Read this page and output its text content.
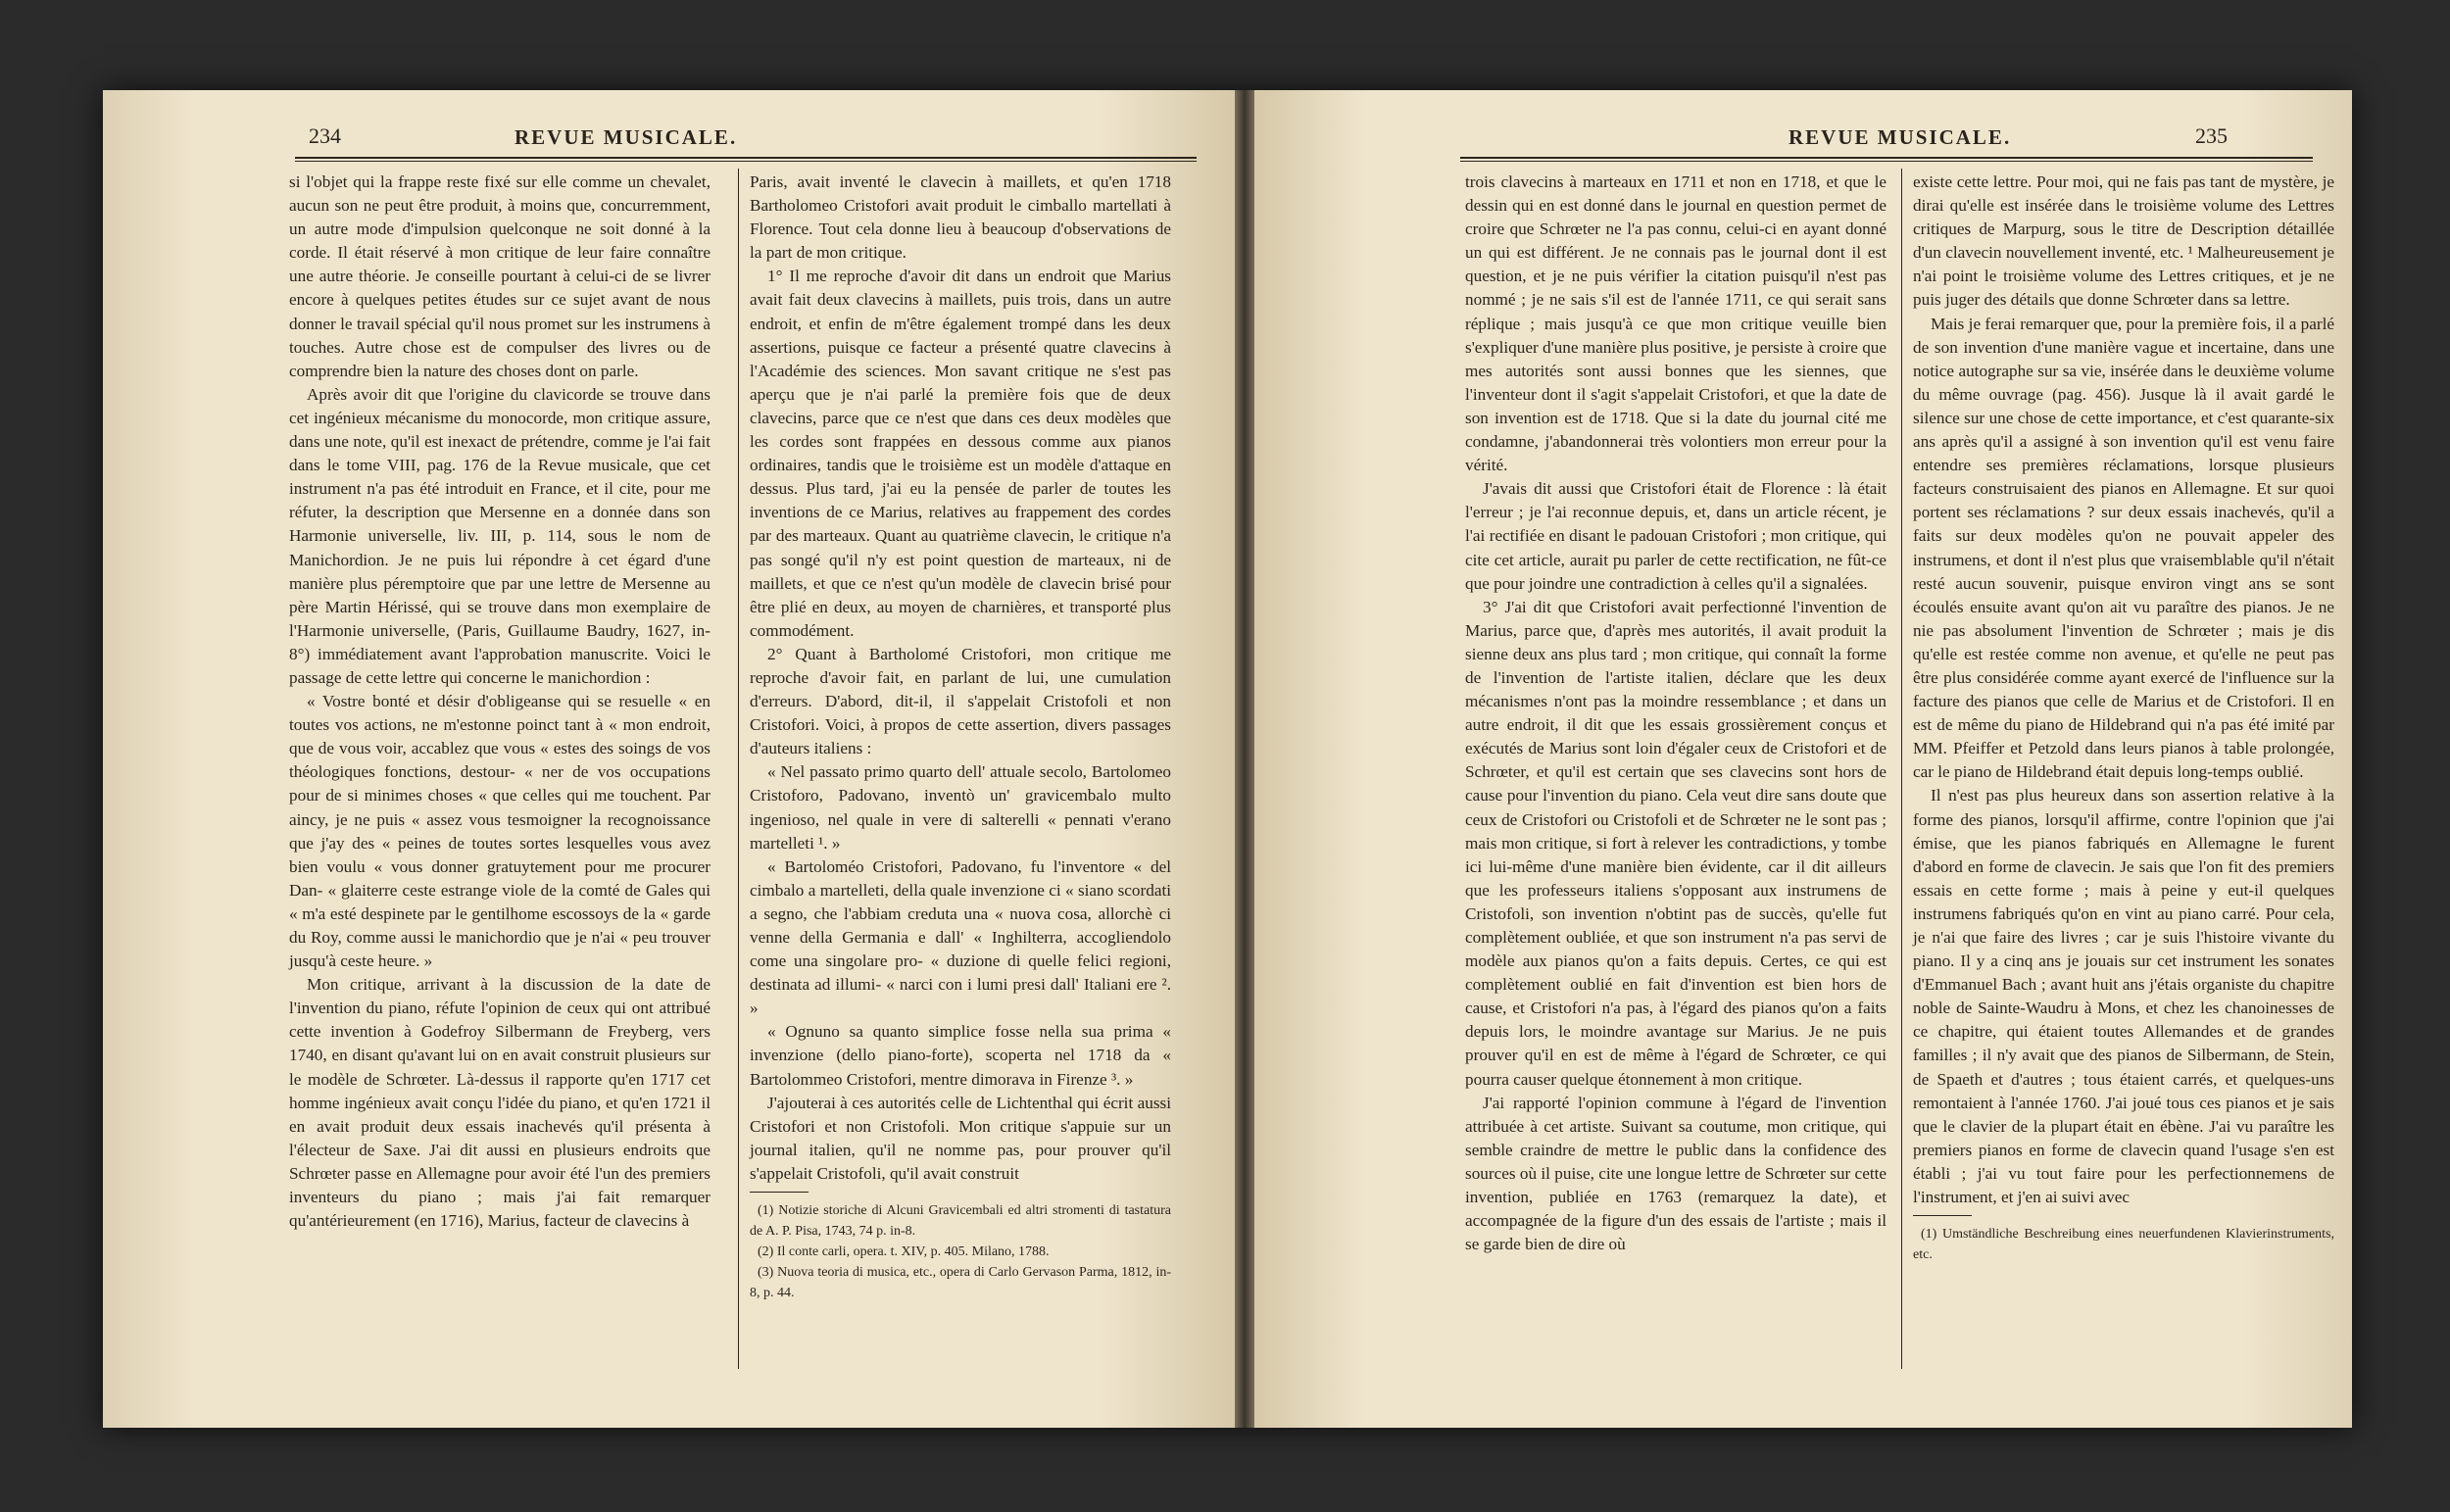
234	REVUE MUSICALE.

si l'objet qui la frappe reste fixé sur elle comme un chevalet, aucun son ne peut être produit, à moins que, concurremment, un autre mode d'impulsion quelconque ne soit donné à la corde. Il était réservé à mon critique de leur faire connaître une autre théorie. Je conseille pourtant à celui-ci de se livrer encore à quelques petites études sur ce sujet avant de nous donner le travail spécial qu'il nous promet sur les instrumens à touches. Autre chose est de compulser des livres ou de comprendre bien la nature des choses dont on parle.

Après avoir dit que l'origine du clavicorde se trouve dans cet ingénieux mécanisme du monocorde, mon critique assure, dans une note, qu'il est inexact de prétendre, comme je l'ai fait dans le tome VIII, pag. 176 de la Revue musicale, que cet instrument n'a pas été introduit en France, et il cite, pour me réfuter, la description que Mersenne en a donnée dans son Harmonie universelle, liv. III, p. 114, sous le nom de Manichordion. Je ne puis lui répondre à cet égard d'une manière plus péremptoire que par une lettre de Mersenne au père Martin Hérissé, qui se trouve dans mon exemplaire de l'Harmonie universelle, (Paris, Guillaume Baudry, 1627, in-8°) immédiatement avant l'approbation manuscrite. Voici le passage de cette lettre qui concerne le manichordion :

« Vostre bonté et désir d'obligeanse qui se resuelle « en toutes vos actions, ne m'estonne poinct tant à « mon endroit, que de vous voir, accablez que vous « estes des soings de vos théologiques fonctions, destour- « ner de vos occupations pour de si minimes choses « que celles qui me touchent. Par aincy, je ne puis « assez vous tesmoigner la recognoissance que j'ay des « peines de toutes sortes lesquelles vous avez bien voulu « vous donner gratuytement pour me procurer Dan- « glaiterre ceste estrange viole de la comté de Gales qui « m'a esté despinete par le gentilhome escossoys de la « garde du Roy, comme aussi le manichordio que je n'ai « peu trouver jusqu'à ceste heure. »

Mon critique, arrivant à la discussion de la date de l'invention du piano, réfute l'opinion de ceux qui ont attribué cette invention à Godefroy Silbermann de Freyberg, vers 1740, en disant qu'avant lui on en avait construit plusieurs sur le modèle de Schrœter. Là-dessus il rapporte qu'en 1717 cet homme ingénieux avait conçu l'idée du piano, et qu'en 1721 il en avait produit deux essais inachevés qu'il présenta à l'électeur de Saxe. J'ai dit aussi en plusieurs endroits que Schrœter passe en Allemagne pour avoir été l'un des premiers inventeurs du piano ; mais j'ai fait remarquer qu'antérieurement (en 1716), Marius, facteur de clavecins à

Paris, avait inventé le clavecin à maillets, et qu'en 1718 Bartholomeo Cristofori avait produit le cimballo martellati à Florence. Tout cela donne lieu à beaucoup d'observations de la part de mon critique.

1° Il me reproche d'avoir dit dans un endroit que Marius avait fait deux clavecins à maillets, puis trois, dans un autre endroit, et enfin de m'être également trompé dans les deux assertions, puisque ce facteur a présenté quatre clavecins à l'Académie des sciences. Mon savant critique ne s'est pas aperçu que je n'ai parlé la première fois que de deux clavecins, parce que ce n'est que dans ces deux modèles que les cordes sont frappées en dessous comme aux pianos ordinaires, tandis que le troisième est un modèle d'attaque en dessus. Plus tard, j'ai eu la pensée de parler de toutes les inventions de ce Marius, relatives au frappement des cordes par des marteaux. Quant au quatrième clavecin, le critique n'a pas songé qu'il n'y est point question de marteaux, ni de maillets, et que ce n'est qu'un modèle de clavecin brisé pour être plié en deux, au moyen de charnières, et transporté plus commodément.

2° Quant à Bartholomé Cristofori, mon critique me reproche d'avoir fait, en parlant de lui, une cumulation d'erreurs. D'abord, dit-il, il s'appelait Cristofoli et non Cristofori. Voici, à propos de cette assertion, divers passages d'auteurs italiens :

« Nel passato primo quarto dell' attuale secolo, Bartolomeo Cristoforo, Padovano, inventò un' gravicembalo multo ingenioso, nel quale in vere di salterelli « pennati v'erano martelleti ¹. »

« Bartoloméo Cristofori, Padovano, fu l'inventore « del cimbalo a martelleti, della quale invenzione ci « siano scordati a segno, che l'abbiam creduta una « nuova cosa, allorchè ci venne della Germania e dall' « Inghilterra, accogliendolo come una singolare pro- « duzione di quelle felici regioni, destinata ad illumi- « narci con i lumi presi dall' Italiani ere ². »

« Ognuno sa quanto simplice fosse nella sua prima « invenzione (dello piano-forte), scoperta nel 1718 da « Bartolommeo Cristofori, mentre dimorava in Firenze ³. »

J'ajouterai à ces autorités celle de Lichtenthal qui écrit aussi Cristofori et non Cristofoli. Mon critique s'appuie sur un journal italien, qu'il ne nomme pas, pour prouver qu'il s'appelait Cristofoli, qu'il avait construit

(1) Notizie storiche di Alcuni Gravicembali ed altri stromenti di tastatura de A. P. Pisa, 1743, 74 p. in-8.

(2) Il conte carli, opera. t. XIV, p. 405. Milano, 1788.

(3) Nuova teoria di musica, etc., opera di Carlo Gervason Parma, 1812, in-8, p. 44.

REVUE MUSICALE.	235

trois clavecins à marteaux en 1711 et non en 1718, et que le dessin qui en est donné dans le journal en question permet de croire que Schrœter ne l'a pas connu, celui-ci en ayant donné un qui est différent. Je ne connais pas le journal dont il est question, et je ne puis vérifier la citation puisqu'il n'est pas nommé ; je ne sais s'il est de l'année 1711, ce qui serait sans réplique ; mais jusqu'à ce que mon critique veuille bien s'expliquer d'une manière plus positive, je persiste à croire que mes autorités sont aussi bonnes que les siennes, que l'inventeur dont il s'agit s'appelait Cristofori, et que la date de son invention est de 1718. Que si la date du journal cité me condamne, j'abandonnerai très volontiers mon erreur pour la vérité.

J'avais dit aussi que Cristofori était de Florence : là était l'erreur ; je l'ai reconnue depuis, et, dans un article récent, je l'ai rectifiée en disant le padouan Cristofori ; mon critique, qui cite cet article, aurait pu parler de cette rectification, ne fût-ce que pour joindre une contradiction à celles qu'il a signalées.

3° J'ai dit que Cristofori avait perfectionné l'invention de Marius, parce que, d'après mes autorités, il avait produit la sienne deux ans plus tard ; mon critique, qui connaît la forme de l'invention de l'artiste italien, déclare que les deux mécanismes n'ont pas la moindre ressemblance ; et dans un autre endroit, il dit que les essais grossièrement conçus et exécutés de Marius sont loin d'égaler ceux de Cristofori et de Schrœter, et qu'il est certain que ses clavecins sont hors de cause pour l'invention du piano. Cela veut dire sans doute que ceux de Cristofori ou Cristofoli et de Schrœter ne le sont pas ; mais mon critique, si fort à relever les contradictions, y tombe ici lui-même d'une manière bien évidente, car il dit ailleurs que les professeurs italiens s'opposant aux instrumens de Cristofoli, son invention n'obtint pas de succès, qu'elle fut complètement oubliée, et que son instrument n'a pas servi de modèle aux pianos qu'on a faits depuis. Certes, ce qui est complètement oublié en fait d'invention est bien hors de cause, et Cristofori n'a pas, à l'égard des pianos qu'on a faits depuis lors, le moindre avantage sur Marius. Je ne puis prouver qu'il en est de même à l'égard de Schrœter, ce qui pourra causer quelque étonnement à mon critique.

J'ai rapporté l'opinion commune à l'égard de l'invention attribuée à cet artiste. Suivant sa coutume, mon critique, qui semble craindre de mettre le public dans la confidence des sources où il puise, cite une longue lettre de Schrœter sur cette invention, publiée en 1763 (remarquez la date), et accompagnée de la figure d'un des essais de l'artiste ; mais il se garde bien de dire où

existe cette lettre. Pour moi, qui ne fais pas tant de mystère, je dirai qu'elle est insérée dans le troisième volume des Lettres critiques de Marpurg, sous le titre de Description détaillée d'un clavecin nouvellement inventé, etc. ¹ Malheureusement je n'ai point le troisième volume des Lettres critiques, et je ne puis juger des détails que donne Schrœter dans sa lettre.

Mais je ferai remarquer que, pour la première fois, il a parlé de son invention d'une manière vague et incertaine, dans une notice autographe sur sa vie, insérée dans le deuxième volume du même ouvrage (pag. 456). Jusque là il avait gardé le silence sur une chose de cette importance, et c'est quarante-six ans après qu'il a assigné à son invention qu'il est venu faire entendre ses premières réclamations, lorsque plusieurs facteurs construisaient des pianos en Allemagne. Et sur quoi portent ses réclamations ? sur deux essais inachevés, qu'il a faits sur deux modèles qu'on ne pouvait appeler des instrumens, et dont il n'est plus que vraisemblable qu'il n'était resté aucun souvenir, puisque environ vingt ans se sont écoulés ensuite avant qu'on ait vu paraître des pianos. Je ne nie pas absolument l'invention de Schrœter ; mais je dis qu'elle est restée comme non avenue, et qu'elle ne peut pas être plus considérée comme ayant exercé de l'influence sur la facture des pianos que celle de Marius et de Cristofori. Il en est de même du piano de Hildebrand qui n'a pas été imité par MM. Pfeiffer et Petzold dans leurs pianos à table prolongée, car le piano de Hildebrand était depuis long-temps oublié.

Il n'est pas plus heureux dans son assertion relative à la forme des pianos, lorsqu'il affirme, contre l'opinion que j'ai émise, que les pianos fabriqués en Allemagne le furent d'abord en forme de clavecin. Je sais que l'on fit des premiers essais en cette forme ; mais à peine y eut-il quelques instrumens fabriqués qu'on en vint au piano carré. Pour cela, je n'ai que faire des livres ; car je suis l'histoire vivante du piano. Il y a cinq ans je jouais sur cet instrument les sonates d'Emmanuel Bach ; avant huit ans j'étais organiste du chapitre noble de Sainte-Waudru à Mons, et chez les chanoinesses de ce chapitre, qui étaient toutes Allemandes et de grandes familles ; il n'y avait que des pianos de Silbermann, de Stein, de Spaeth et d'autres ; tous étaient carrés, et quelques-uns remontaient à l'année 1760. J'ai joué tous ces pianos et je sais que le clavier de la plupart était en ébène. J'ai vu paraître les premiers pianos en forme de clavecin quand l'usage s'en est établi ; j'ai vu tout faire pour les perfectionnemens de l'instrument, et j'en ai suivi avec

(1) Umständliche Beschreibung eines neuerfundenen Klavierinstruments, etc.
